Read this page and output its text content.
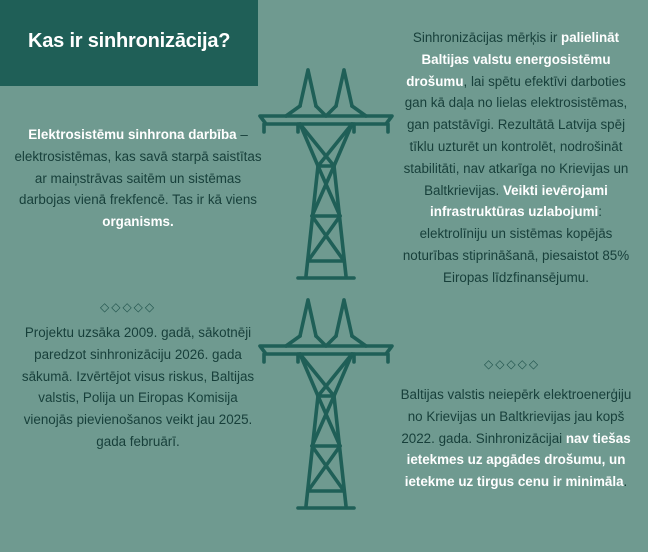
Kas ir sinhronizācija?
Elektrosistēmu sinhrona darbība – elektrosistēmas, kas savā starpā saistītas ar maiņstrāvas saitēm un sistēmas darbojas vienā frekfencē. Tas ir kā viens organisms.
◇◇◇◇◇
Projektu uzsāka 2009. gadā, sākotnēji paredzot sinhronizāciju 2026. gada sākumā. Izvērtējot visus riskus, Baltijas valstis, Polija un Eiropas Komisija vienojās pievienošanos veikt jau 2025. gada februārī.
Sinhronizācijas mērķis ir palielināt Baltijas valstu energosistēmu drošumu, lai spētu efektīvi darboties gan kā daļa no lielas elektrosistēmas, gan patstāvīgi. Rezultātā Latvija spēj tīklu uzturēt un kontrolēt, nodrošināt stabilitāti, nav atkarīga no Krievijas un Baltkrievijas. Veikti ievērojami infrastruktūras uzlabojumi: elektrolīniju un sistēmas kopējās noturības stiprināšanā, piesaistot 85% Eiropas līdzfinansējumu.
◇◇◇◇◇
Baltijas valstis neiepērk elektroenerģiju no Krievijas un Baltkrievijas jau kopš 2022. gada. Sinhronizācijai nav tiešas ietekmes uz apgādes drošumu, un ietekme uz tirgus cenu ir minimāla.
